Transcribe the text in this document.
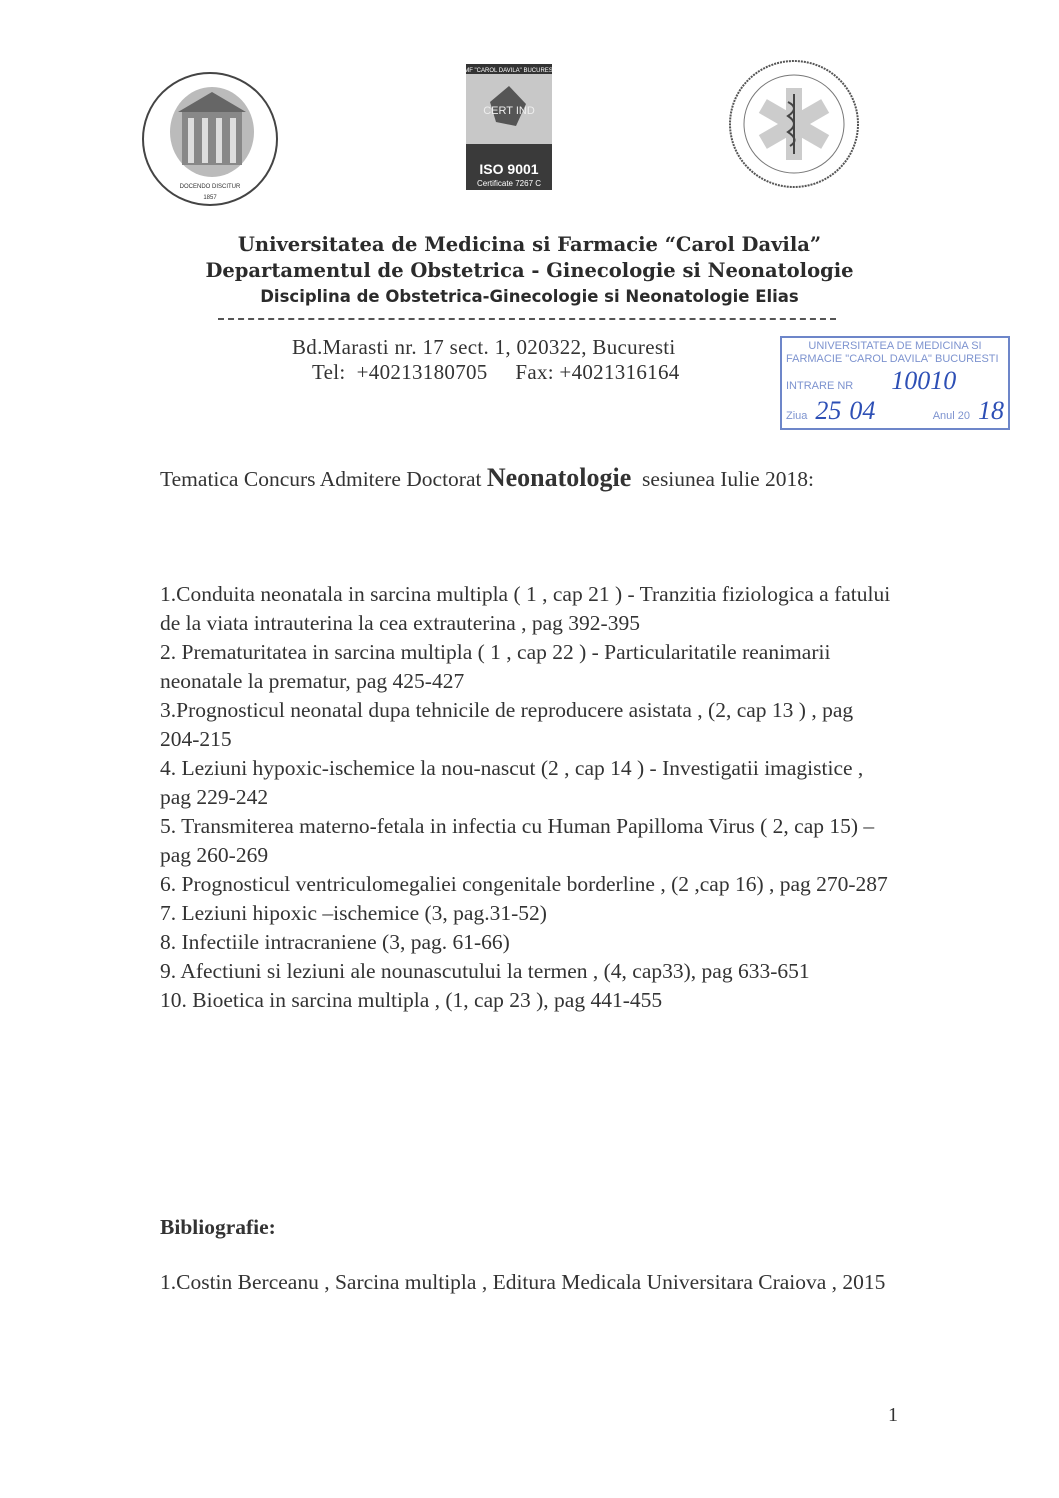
DOCENDO DISCITUR
1857
UMF "CAROL DAVILA" BUCURESTI
CERT IND
ISO 9001
Certificate 7267 C
Universitatea de Medicina si Farmacie “Carol Davila”
Departamentul de Obstetrica - Ginecologie si Neonatologie
Disciplina de Obstetrica-Ginecologie si Neonatologie Elias
Bd.Marasti nr. 17 sect. 1, 020322, Bucuresti
Tel:  +40213180705     Fax: +4021316164
UNIVERSITATEA DE MEDICINA SI
FARMACIE "CAROL DAVILA" BUCURESTI
INTRARE NR 10010
Ziua 25 04	Anul 20 18
Tematica Concurs Admitere Doctorat Neonatologie  sesiunea Iulie 2018:

1.Conduita neonatala in sarcina multipla ( 1 , cap 21 ) - Tranzitia fiziologica a fatului de la viata intrauterina la cea extrauterina , pag 392-395

2. Prematuritatea in sarcina multipla ( 1 , cap 22 ) - Particularitatile reanimarii neonatale la prematur, pag 425-427

3.Prognosticul neonatal dupa tehnicile de reproducere asistata , (2, cap 13 ) , pag 204-215

4. Leziuni hypoxic-ischemice la nou-nascut (2 , cap 14 ) - Investigatii imagistice , pag 229-242

5. Transmiterea materno-fetala in infectia cu Human Papilloma Virus ( 2, cap 15) – pag 260-269

6. Prognosticul ventriculomegaliei congenitale borderline , (2 ,cap 16) , pag 270-287

7. Leziuni hipoxic –ischemice (3, pag.31-52)

8. Infectiile intracraniene (3, pag. 61-66)

9. Afectiuni si leziuni ale nounascutului la termen , (4, cap33), pag 633-651

10. Bioetica in sarcina multipla , (1, cap 23 ), pag 441-455

Bibliografie:

1.Costin Berceanu , Sarcina multipla , Editura Medicala Universitara Craiova , 2015

1
